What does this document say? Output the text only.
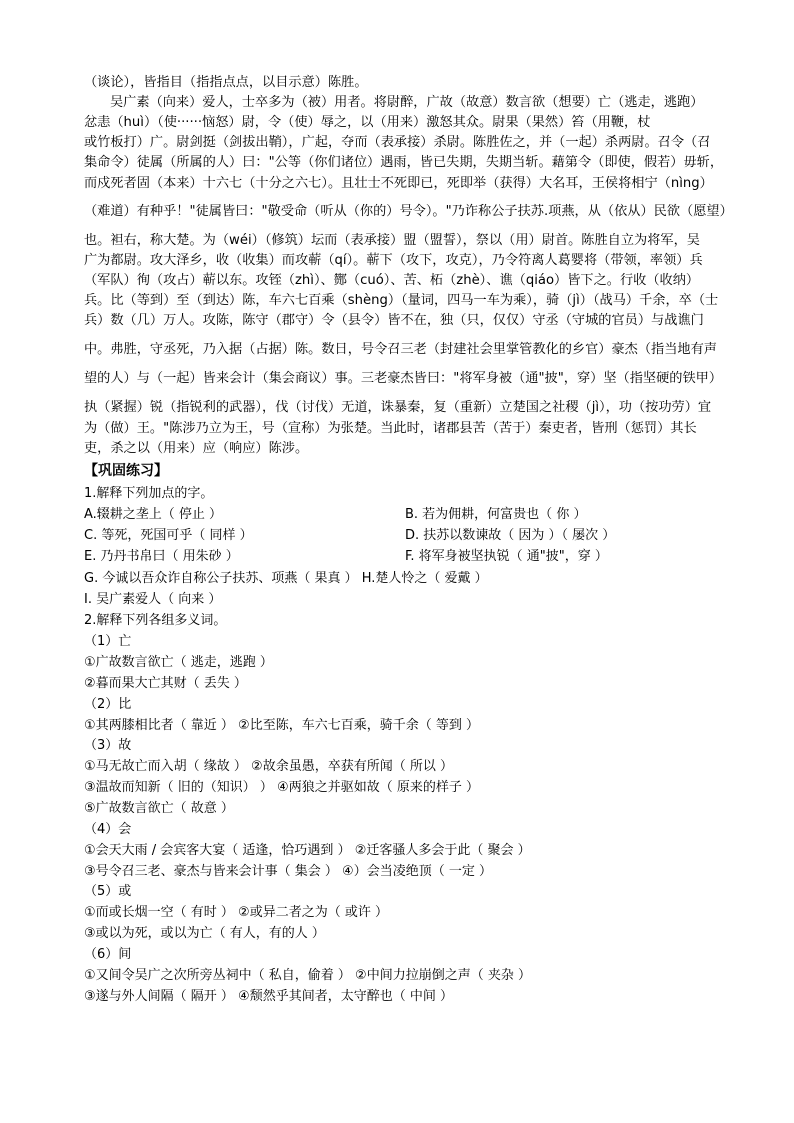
（谈论），皆指目（指指点点，以目示意）陈胜。
吴广素（向来）爱人，士卒多为（被）用者。将尉醉，广故（故意）数言欲（想要）亡（逃走，逃跑）
忿恚（huì）（使······恼怒）尉，令（使）辱之，以（用来）激怒其众。尉果（果然）笞（用鞭，杖
或竹板打）广。尉剑挺（剑拔出鞘），广起，夺而（表承接）杀尉。陈胜佐之，并（一起）杀两尉。召令（召
集命令）徒属（所属的人）曰："公等（你们诸位）遇雨，皆已失期，失期当斩。藉第令（即使，假若）毋斩，
而戍死者固（本来）十六七（十分之六七）。且壮士不死即已，死即举（获得）大名耳，王侯将相宁（nìng）
（难道）有种乎！"徒属皆曰："敬受命（听从（你的）号令）。"乃诈称公子扶苏.项燕，从（依从）民欲（愿望）
也。袒右，称大楚。为（wéi）（修筑）坛而（表承接）盟（盟誓），祭以（用）尉首。陈胜自立为将军，吴
广为都尉。攻大泽乡，收（收集）而攻蕲（qí）。蕲下（攻下，攻克），乃令符离人葛婴将（带领，率领）兵
（军队）徇（攻占）蕲以东。攻铚（zhì）、酂（cuó）、苦、柘（zhè）、谯（qiáo）皆下之。行收（收纳）
兵。比（等到）至（到达）陈，车六七百乘（shèng）（量词，四马一车为乘），骑（jì）（战马）千余，卒（士
兵）数（几）万人。攻陈，陈守（郡守）令（县令）皆不在，独（只，仅仅）守丞（守城的官员）与战谯门
中。弗胜，守丞死，乃入据（占据）陈。数日，号令召三老（封建社会里掌管教化的乡官）豪杰（指当地有声
望的人）与（一起）皆来会计（集会商议）事。三老豪杰皆曰："将军身被（通"披"，穿）坚（指坚硬的铁甲）
执（紧握）锐（指锐利的武器），伐（讨伐）无道，诛暴秦，复（重新）立楚国之社稷（jì），功（按功劳）宜
为（做）王。"陈涉乃立为王，号（宣称）为张楚。当此时，诸郡县苦（苦于）秦吏者，皆刑（惩罚）其长
吏，杀之以（用来）应（响应）陈涉。
【巩固练习】
1.解释下列加点的字。
A.辍耕之垄上（ 停止 ）	B. 若为佣耕，何富贵也（ 你 ）
C. 等死，死国可乎（ 同样 ）	D. 扶苏以数谏故（ 因为 ）（ 屡次 ）
E. 乃丹书帛曰（ 用朱砂 ）	F. 将军身被坚执锐（ 通"披"，穿 ）
G. 今诚以吾众诈自称公子扶苏、项燕（ 果真 ） H.楚人怜之（ 爱戴 ）
I. 吴广素爱人（ 向来 ）
2.解释下列各组多义词。
（1）亡
①广故数言欲亡（ 逃走，逃跑 ）
②暮而果大亡其财（ 丢失 ）
（2）比
①其两膝相比者（ 靠近 ） ②比至陈，车六七百乘，骑千余（ 等到 ）
（3）故
①马无故亡而入胡（ 缘故 ） ②故余虽愚，卒获有所闻（ 所以 ）
③温故而知新（ 旧的（知识） ） ④两狼之并驱如故（ 原来的样子 ）
⑤广故数言欲亡（ 故意 ）
（4）会
①会天大雨 / 会宾客大宴（ 适逢，恰巧遇到 ） ②迁客骚人多会于此（ 聚会 ）
③号令召三老、豪杰与皆来会计事（ 集会 ） ④）会当凌绝顶（ 一定 ）
（5）或
①而或长烟一空（ 有时 ） ②或异二者之为（ 或许 ）
③或以为死，或以为亡（ 有人，有的人 ）
（6）间
①又间令吴广之次所旁丛祠中（ 私自，偷着 ） ②中间力拉崩倒之声（ 夹杂 ）
③遂与外人间隔（ 隔开 ） ④颓然乎其间者，太守醉也（ 中间 ）
